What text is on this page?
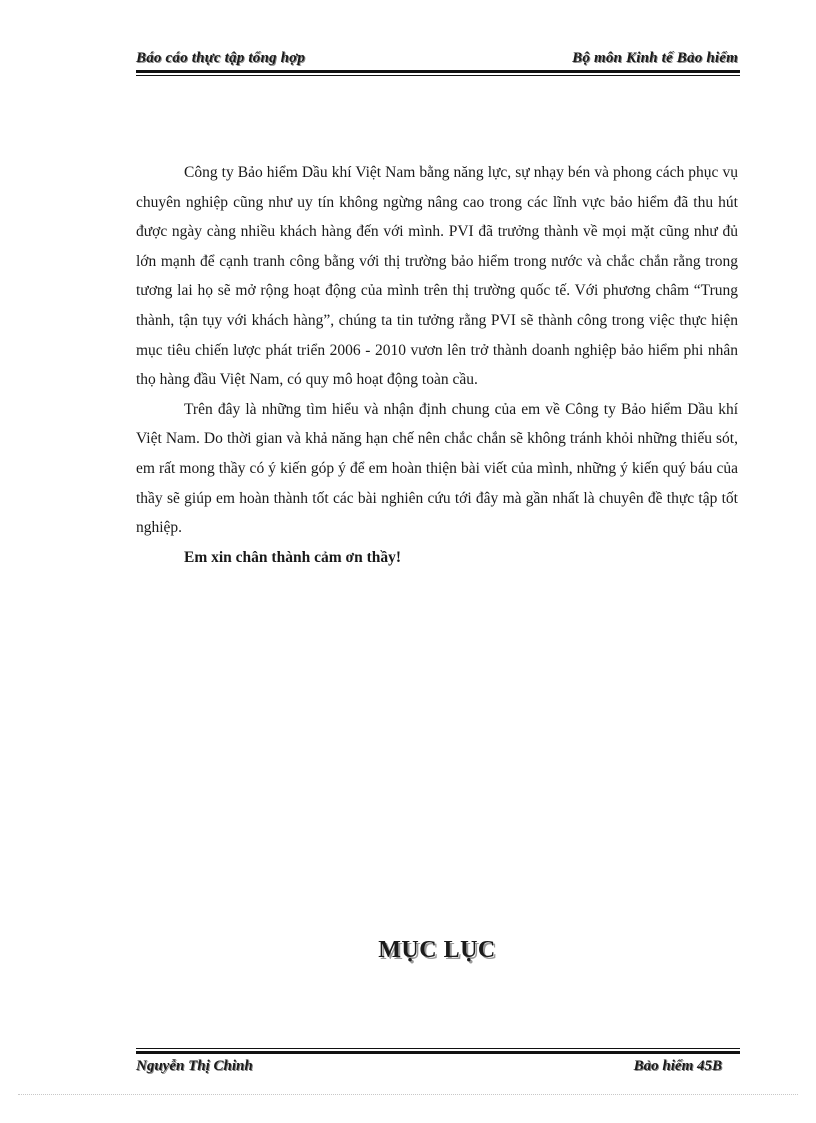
Báo cáo thực tập tổng hợp	Bộ môn Kinh tế Bảo hiểm

Công ty Bảo hiểm Dầu khí Việt Nam bằng năng lực, sự nhạy bén và phong cách phục vụ chuyên nghiệp cũng như uy tín không ngừng nâng cao trong các lĩnh vực bảo hiểm đã thu hút được ngày càng nhiều khách hàng đến với mình. PVI đã trưởng thành về mọi mặt cũng như đủ lớn mạnh để cạnh tranh công bằng với thị trường bảo hiểm trong nước và chắc chắn rằng trong tương lai họ sẽ mở rộng hoạt động của mình trên thị trường quốc tế. Với phương châm “Trung thành, tận tụy với khách hàng”, chúng ta tin tưởng rằng PVI sẽ thành công trong việc thực hiện mục tiêu chiến lược phát triển 2006 - 2010 vươn lên trở thành doanh nghiệp bảo hiểm phi nhân thọ hàng đầu Việt Nam, có quy mô hoạt động toàn cầu.

Trên đây là những tìm hiểu và nhận định chung của em về Công ty Bảo hiểm Dầu khí Việt Nam. Do thời gian và khả năng hạn chế nên chắc chắn sẽ không tránh khỏi những thiếu sót, em rất mong thầy có ý kiến góp ý để em hoàn thiện bài viết của mình, những ý kiến quý báu của thầy sẽ giúp em hoàn thành tốt các bài nghiên cứu tới đây mà gần nhất là chuyên đề thực tập tốt nghiệp.

Em xin chân thành cảm ơn thầy!

MỤC LỤC
Nguyễn Thị Chinh	Bảo hiểm 45B
